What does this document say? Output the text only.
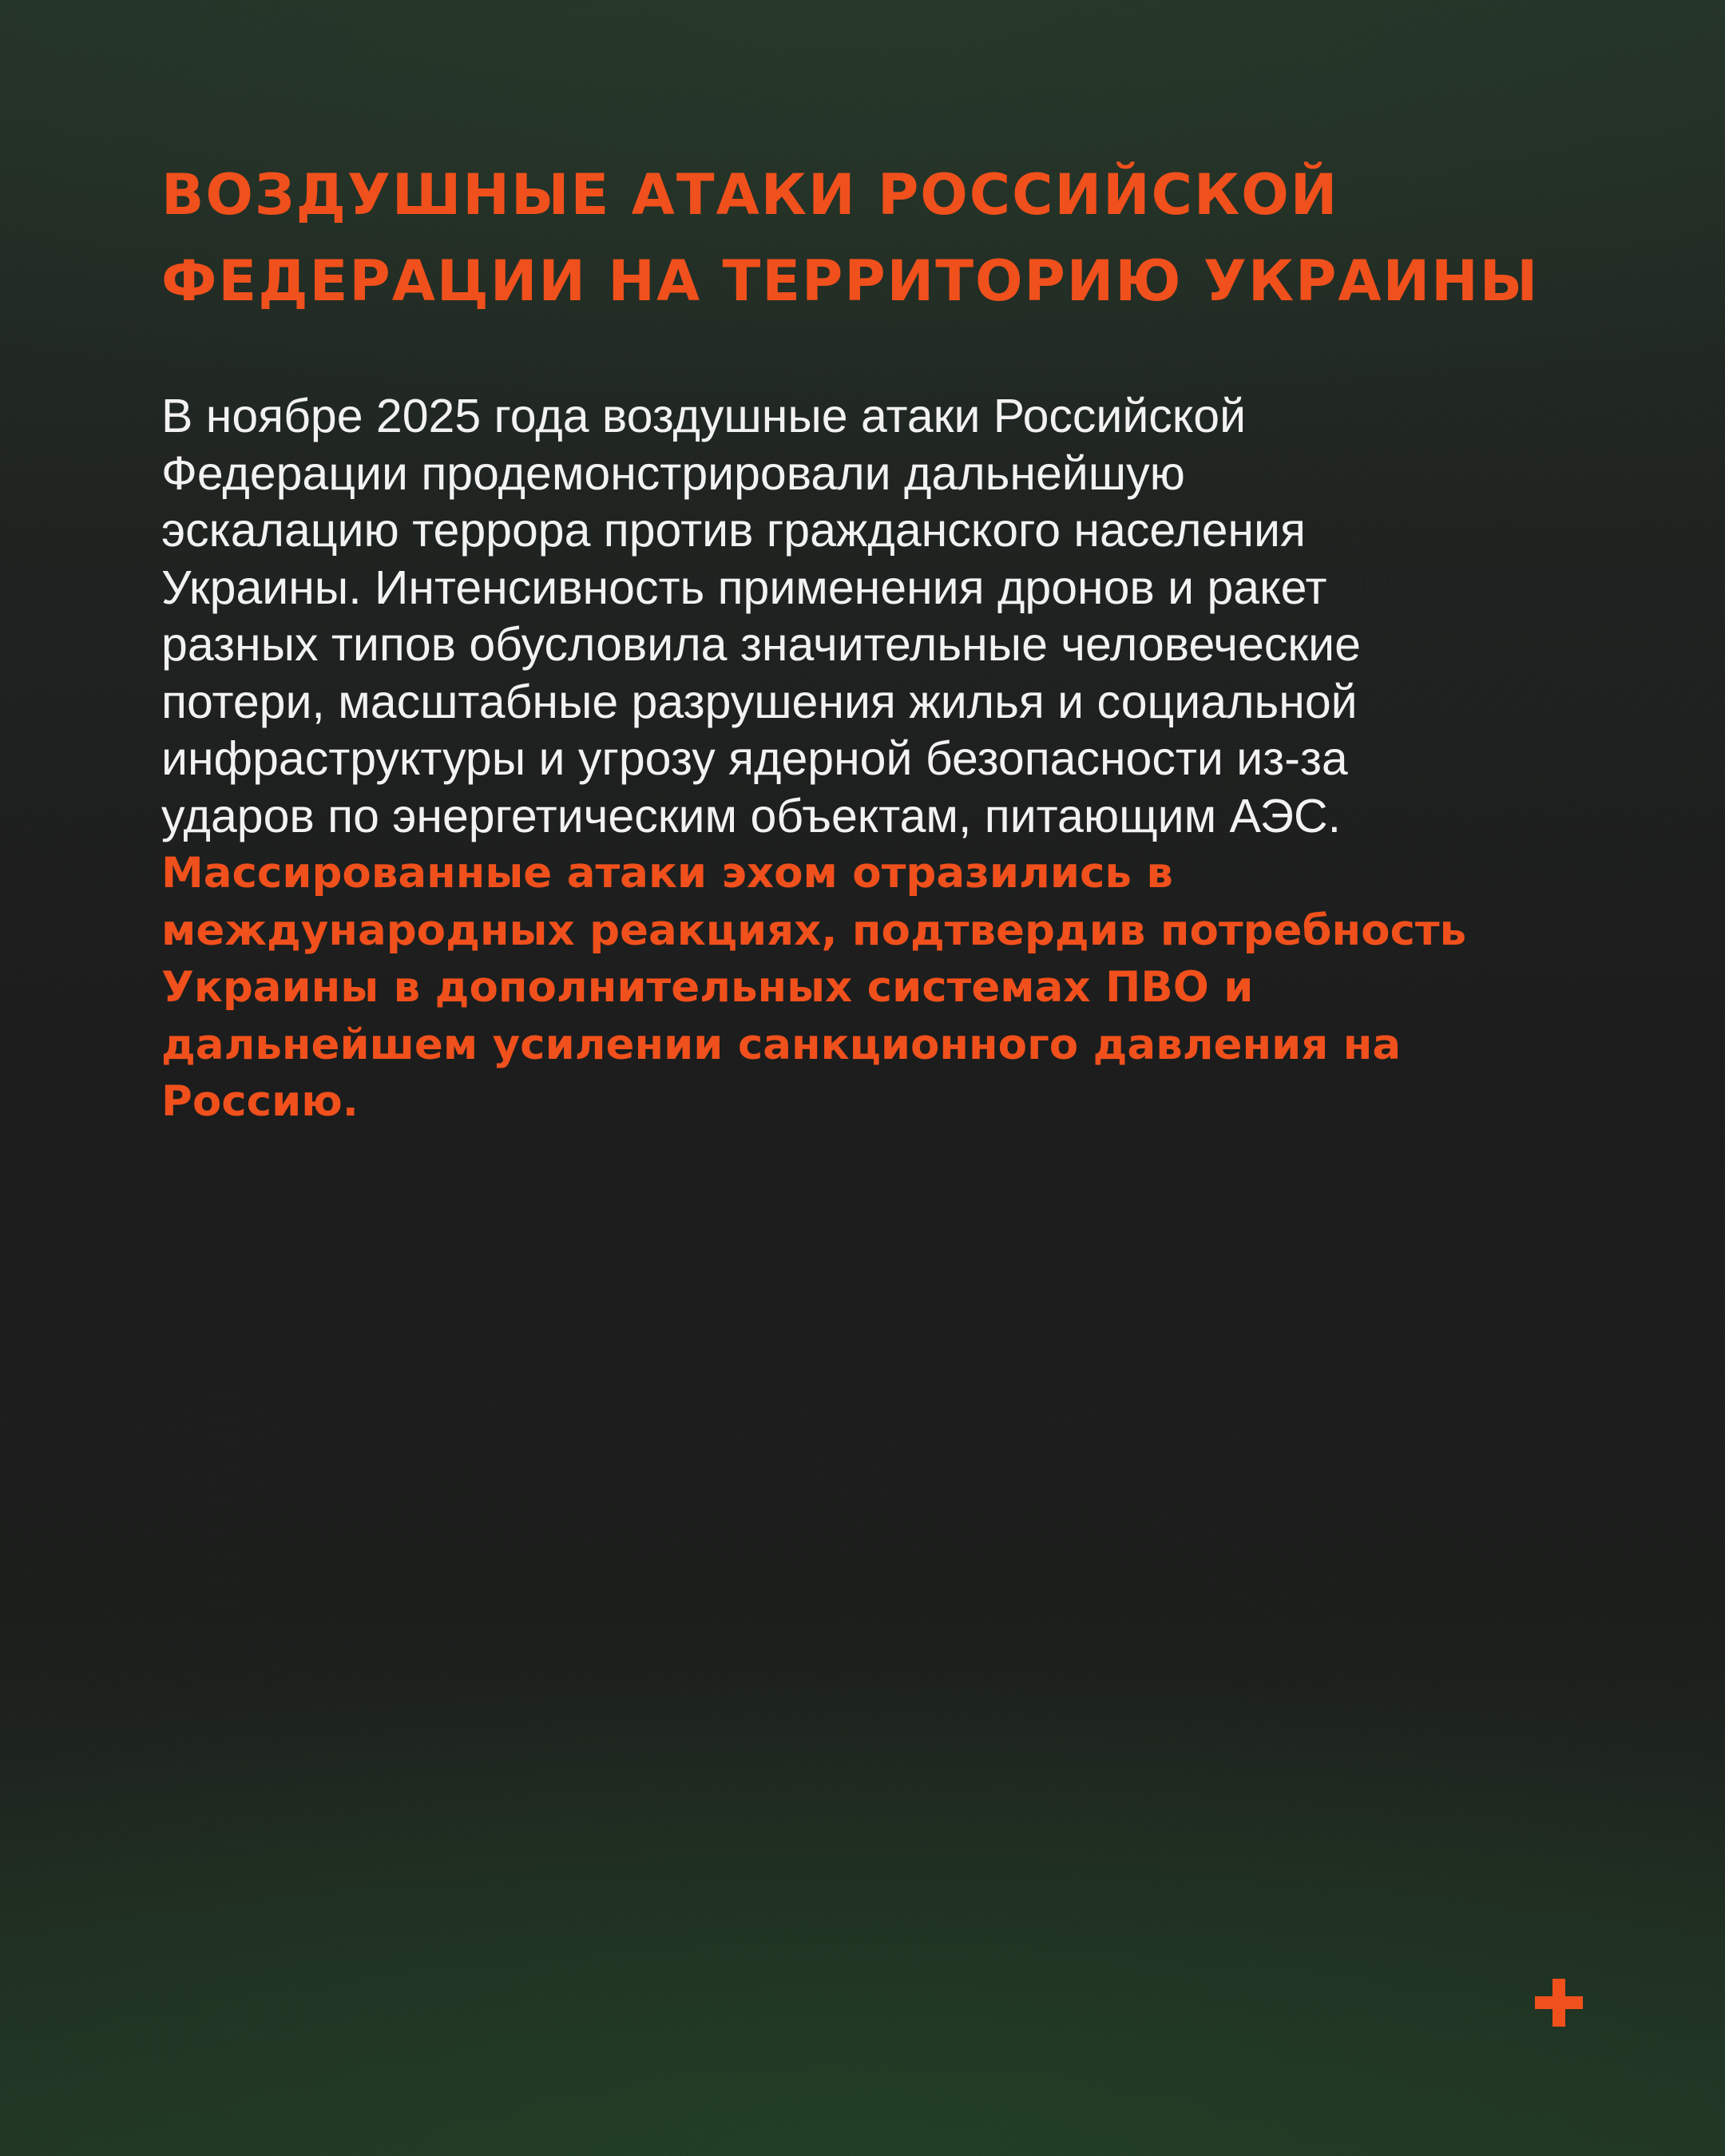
ВОЗДУШНЫЕ АТАКИ РОССИЙСКОЙ
ФЕДЕРАЦИИ НА ТЕРРИТОРИЮ УКРАИНЫ
В ноябре 2025 года воздушные атаки Российской
Федерации продемонстрировали дальнейшую
эскалацию террора против гражданского населения
Украины. Интенсивность применения дронов и ракет
разных типов обусловила значительные человеческие
потери, масштабные разрушения жилья и социальной
инфраструктуры и угрозу ядерной безопасности из-за
ударов по энергетическим объектам, питающим АЭС.
Массированные атаки эхом отразились в
международных реакциях, подтвердив потребность
Украины в дополнительных системах ПВО и
дальнейшем усилении санкционного давления на
Россию.
